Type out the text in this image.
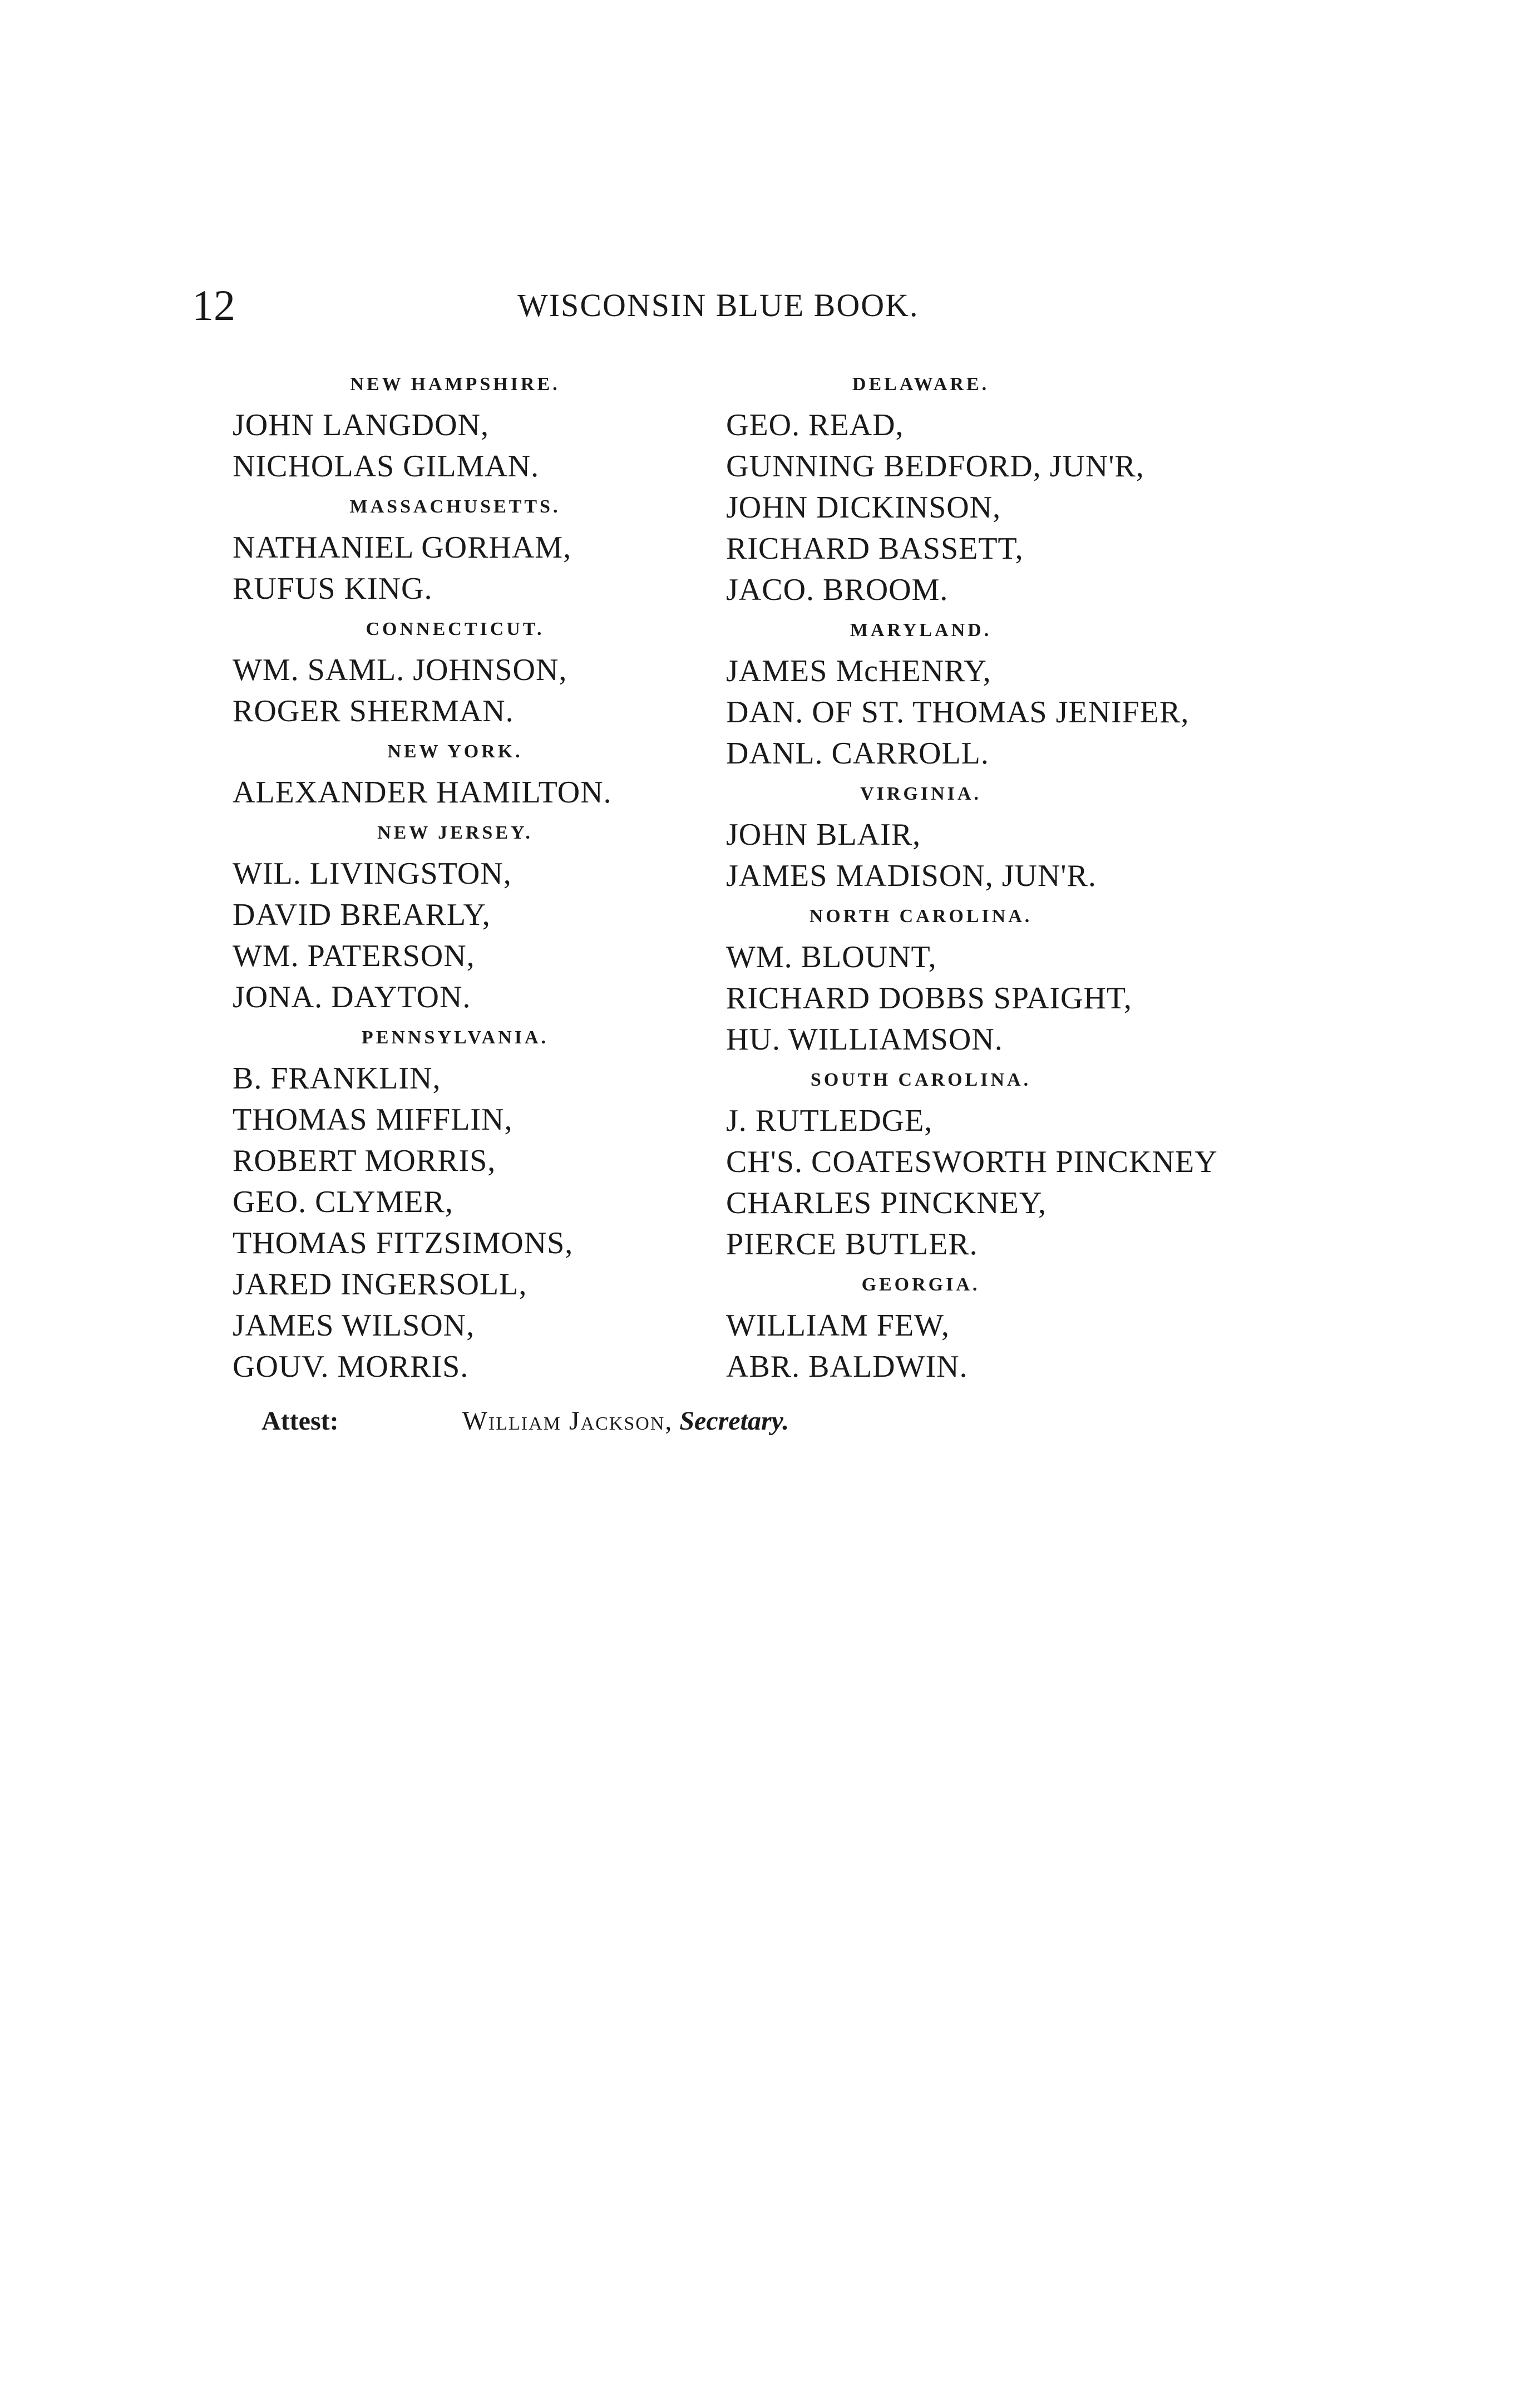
12	WISCONSIN BLUE BOOK.
NEW HAMPSHIRE.
JOHN LANGDON,
NICHOLAS GILMAN.
MASSACHUSETTS.
NATHANIEL GORHAM,
RUFUS KING.
CONNECTICUT.
WM. SAML. JOHNSON,
ROGER SHERMAN.
NEW YORK.
ALEXANDER HAMILTON.
NEW JERSEY.
WIL. LIVINGSTON,
DAVID BREARLY,
WM. PATERSON,
JONA. DAYTON.
PENNSYLVANIA.
B. FRANKLIN,
THOMAS MIFFLIN,
ROBERT MORRIS,
GEO. CLYMER,
THOMAS FITZSIMONS,
JARED INGERSOLL,
JAMES WILSON,
GOUV. MORRIS.
DELAWARE.
GEO. READ,
GUNNING BEDFORD, JUN'R,
JOHN DICKINSON,
RICHARD BASSETT,
JACO. BROOM.
MARYLAND.
JAMES McHENRY,
DAN. OF ST. THOMAS JENIFER,
DANL. CARROLL.
VIRGINIA.
JOHN BLAIR,
JAMES MADISON, JUN'R.
NORTH CAROLINA.
WM. BLOUNT,
RICHARD DOBBS SPAIGHT,
HU. WILLIAMSON.
SOUTH CAROLINA.
J. RUTLEDGE,
CH'S. COATESWORTH PINCKNEY
CHARLES PINCKNEY,
PIERCE BUTLER.
GEORGIA.
WILLIAM FEW,
ABR. BALDWIN.
Attest:	William Jackson, Secretary.
